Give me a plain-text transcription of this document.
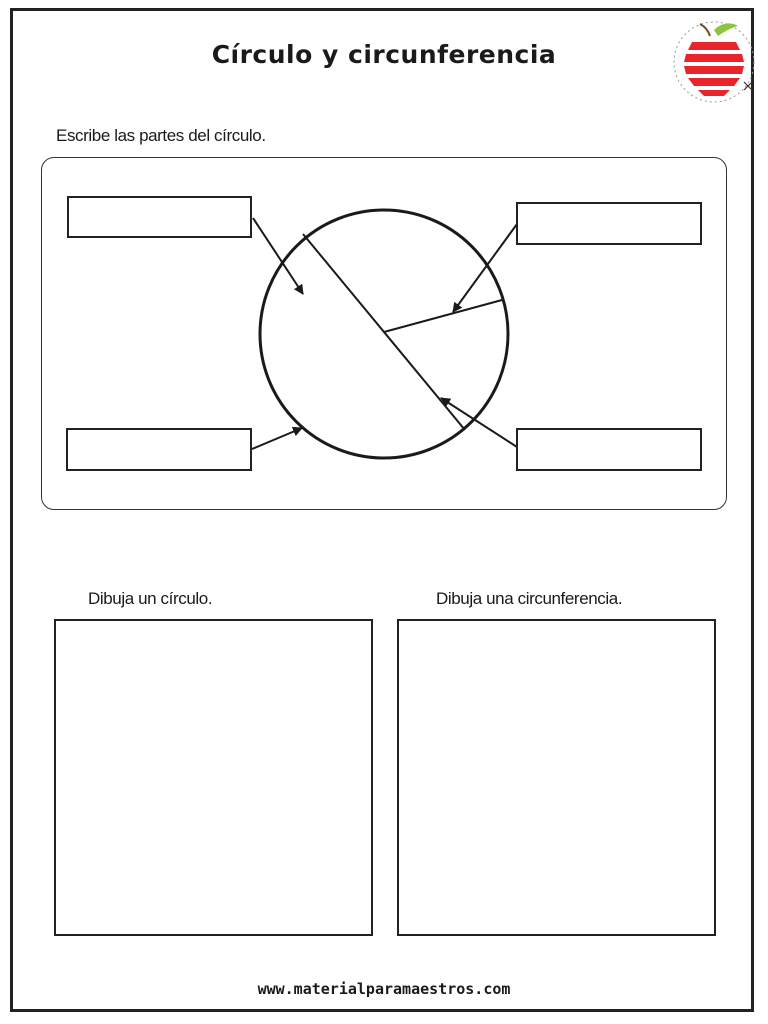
Círculo y circunferencia
Escribe las partes del círculo.
Dibuja un círculo.	Dibuja una circunferencia.
www.materialparamaestros.com
